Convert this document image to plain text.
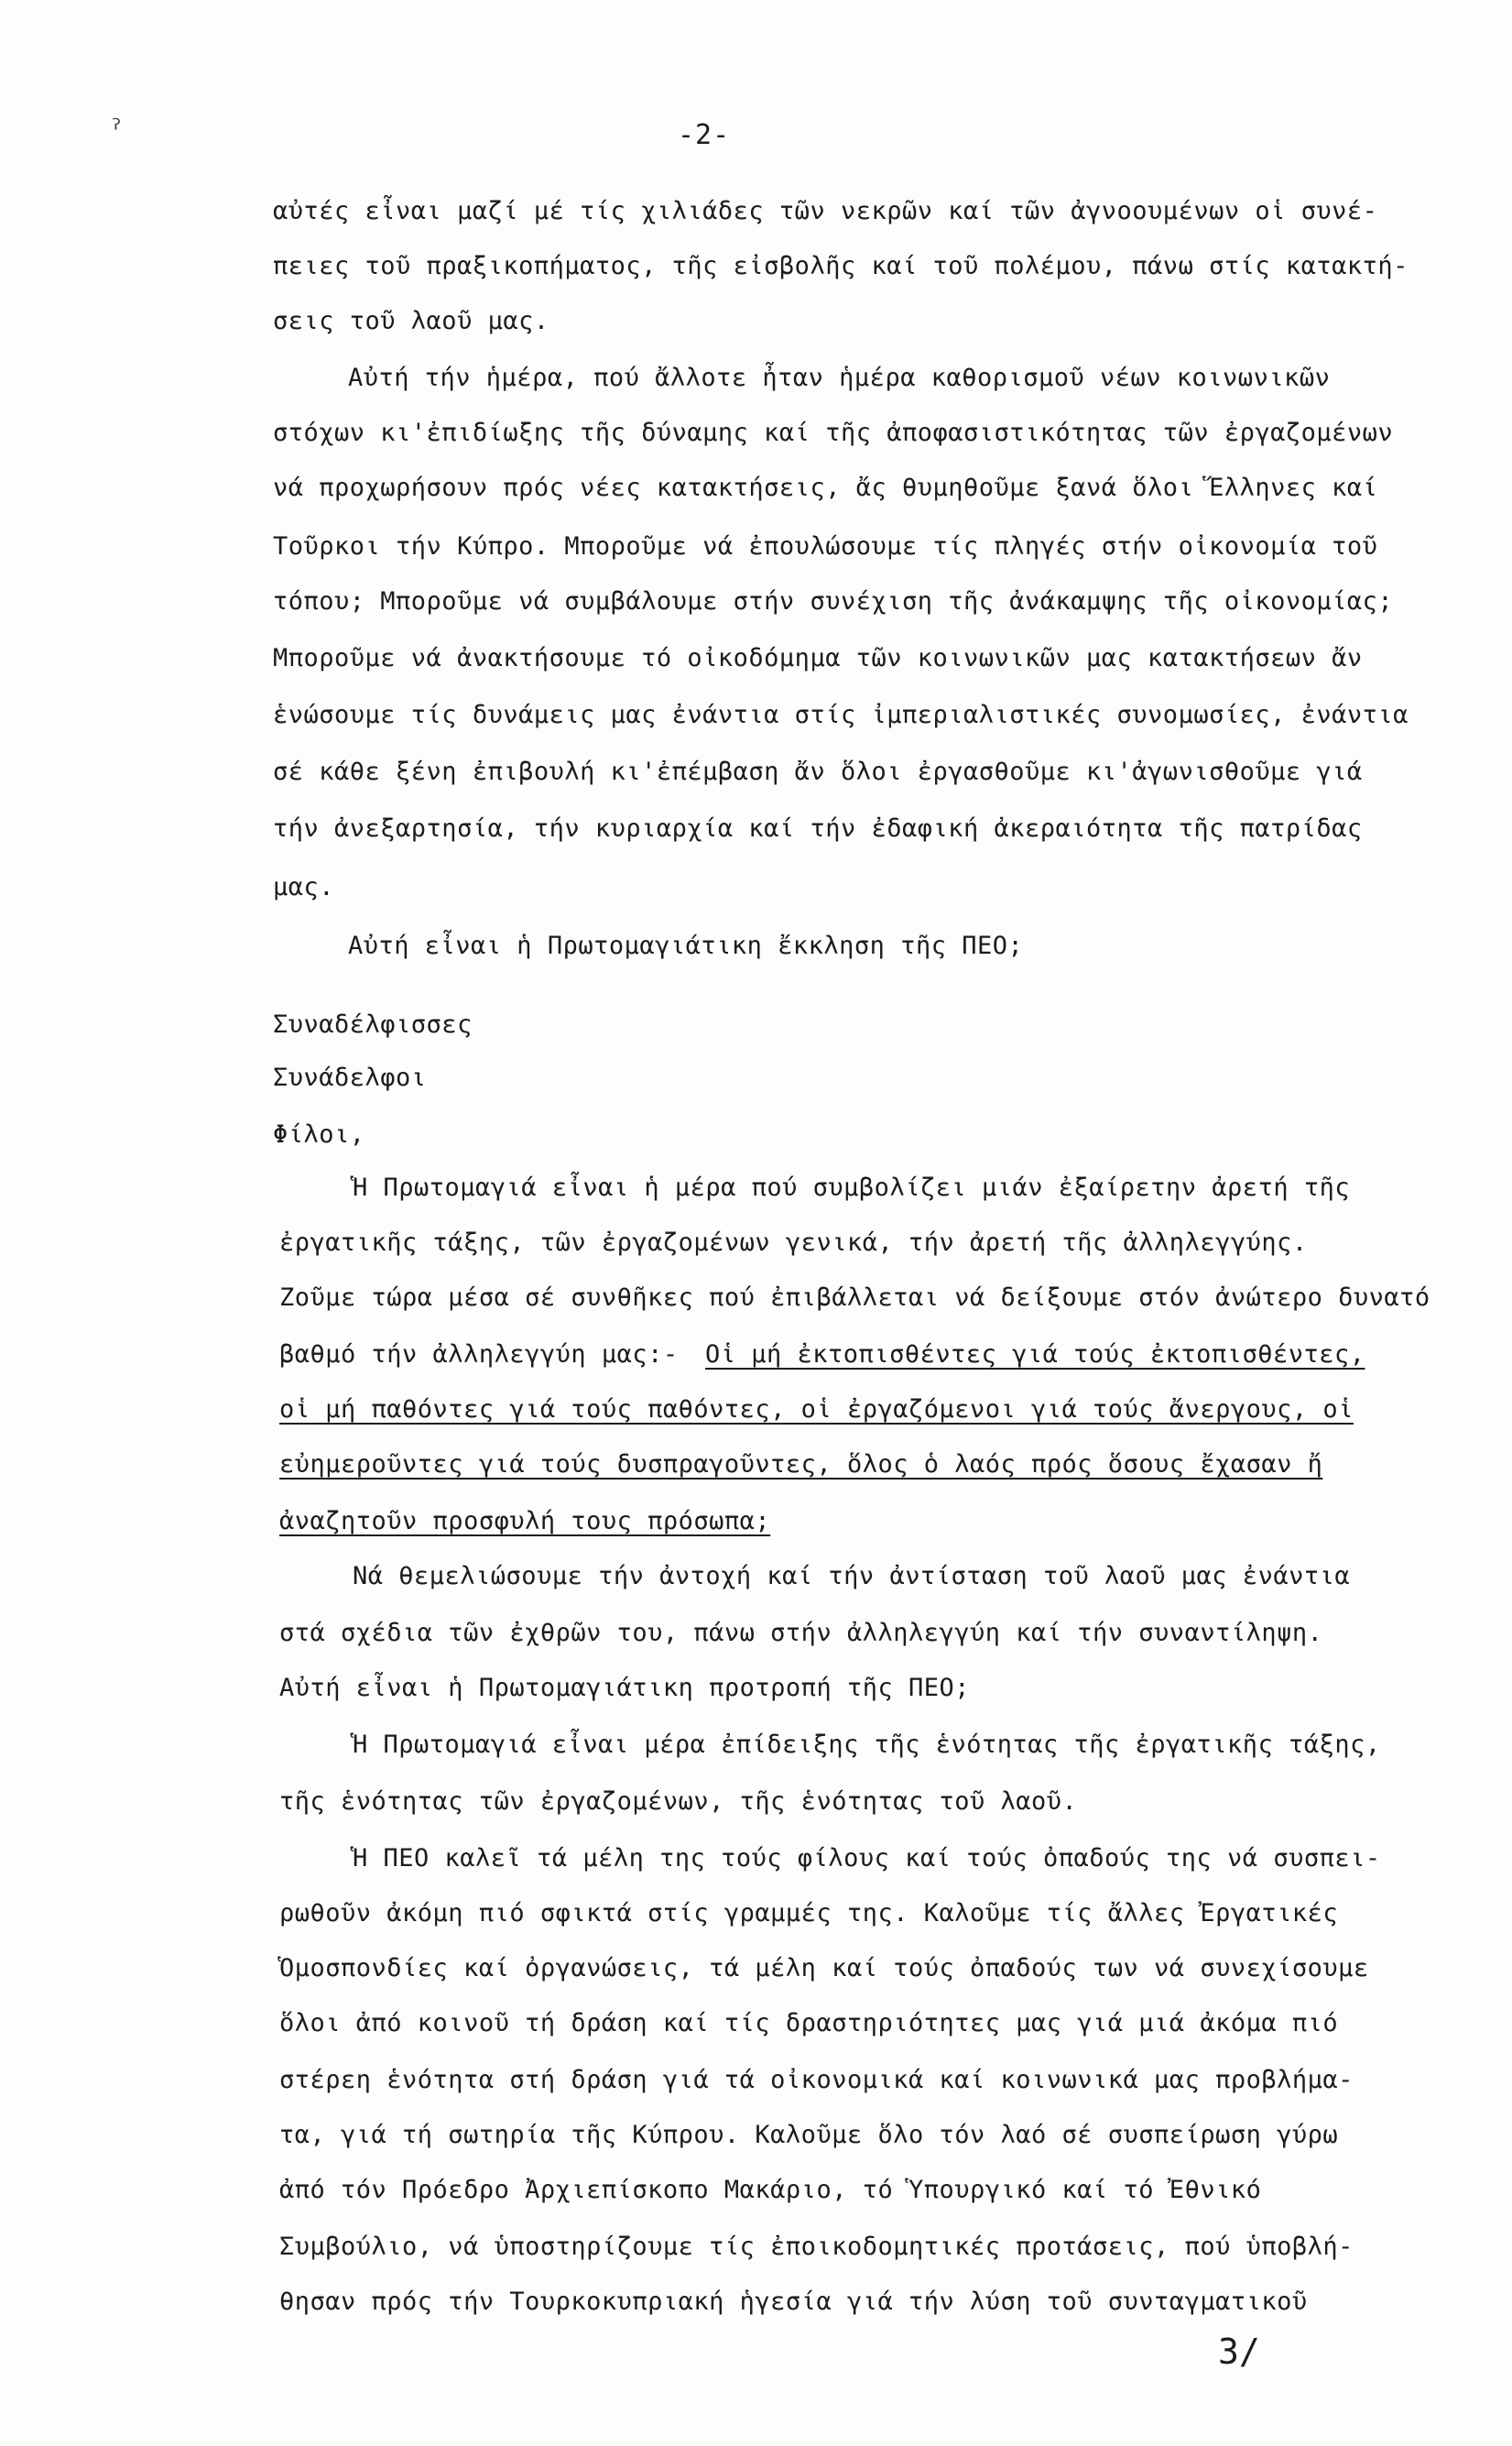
ˀ	-2-
αὐτές εἶναι μαζί μέ τίς χιλιάδες τῶν νεκρῶν καί τῶν ἀγνοουμένων οἱ συνέ-
πειες τοῦ πραξικοπήματος, τῆς εἰσβολῆς καί τοῦ πολέμου, πάνω στίς κατακτή-
σεις τοῦ λαοῦ μας.
Αὐτή τήν ἡμέρα, πού ἄλλοτε ἦταν ἡμέρα καθορισμοῦ νέων κοινωνικῶν
στόχων κι'ἐπιδίωξης τῆς δύναμης καί τῆς ἀποφασιστικότητας τῶν ἐργαζομένων
νά προχωρήσουν πρός νέες κατακτήσεις, ἄς θυμηθοῦμε ξανά ὅλοι Ἕλληνες καί
Τοῦρκοι τήν Κύπρο. Μποροῦμε νά ἐπουλώσουμε τίς πληγές στήν οἰκονομία τοῦ
τόπου; Μποροῦμε νά συμβάλουμε στήν συνέχιση τῆς ἀνάκαμψης τῆς οἰκονομίας;
Μποροῦμε νά ἀνακτήσουμε τό οἰκοδόμημα τῶν κοινωνικῶν μας κατακτήσεων ἄν
ἑνώσουμε τίς δυνάμεις μας ἐνάντια στίς ἰμπεριαλιστικές συνομωσίες, ἐνάντια
σέ κάθε ξένη ἐπιβουλή κι'ἐπέμβαση ἄν ὅλοι ἐργασθοῦμε κι'ἀγωνισθοῦμε γιά
τήν ἀνεξαρτησία, τήν κυριαρχία καί τήν ἐδαφική ἀκεραιότητα τῆς πατρίδας
μας.
Αὐτή εἶναι ἡ Πρωτομαγιάτικη ἔκκληση τῆς ΠΕΟ;
Συναδέλφισσες
Συνάδελφοι
Φίλοι,
Ἡ Πρωτομαγιά εἶναι ἡ μέρα πού συμβολίζει μιάν ἐξαίρετην ἀρετή τῆς
ἐργατικῆς τάξης, τῶν ἐργαζομένων γενικά, τήν ἀρετή τῆς ἀλληλεγγύης.
Ζοῦμε τώρα μέσα σέ συνθῆκες πού ἐπιβάλλεται νά δείξουμε στόν ἀνώτερο δυνατό
βαθμό τήν ἀλληλεγγύη μας:- Οἱ μή ἐκτοπισθέντες γιά τούς ἐκτοπισθέντες,
οἱ μή παθόντες γιά τούς παθόντες, οἱ ἐργαζόμενοι γιά τούς ἄνεργους, οἱ
εὐημεροῦντες γιά τούς δυσπραγοῦντες, ὅλος ὁ λαός πρός ὅσους ἔχασαν ἤ
ἀναζητοῦν προσφυλή τους πρόσωπα;
Νά θεμελιώσουμε τήν ἀντοχή καί τήν ἀντίσταση τοῦ λαοῦ μας ἐνάντια
στά σχέδια τῶν ἐχθρῶν του, πάνω στήν ἀλληλεγγύη καί τήν συναντίληψη.
Αὐτή εἶναι ἡ Πρωτομαγιάτικη προτροπή τῆς ΠΕΟ;
Ἡ Πρωτομαγιά εἶναι μέρα ἐπίδειξης τῆς ἑνότητας τῆς ἐργατικῆς τάξης,
τῆς ἑνότητας τῶν ἐργαζομένων, τῆς ἑνότητας τοῦ λαοῦ.
Ἡ ΠΕΟ καλεῖ τά μέλη της τούς φίλους καί τούς ὀπαδούς της νά συσπει-
ρωθοῦν ἀκόμη πιό σφικτά στίς γραμμές της. Καλοῦμε τίς ἄλλες Ἐργατικές
Ὁμοσπονδίες καί ὀργανώσεις, τά μέλη καί τούς ὀπαδούς των νά συνεχίσουμε
ὅλοι ἀπό κοινοῦ τή δράση καί τίς δραστηριότητες μας γιά μιά ἀκόμα πιό
στέρεη ἑνότητα στή δράση γιά τά οἰκονομικά καί κοινωνικά μας προβλήμα-
τα, γιά τή σωτηρία τῆς Κύπρου. Καλοῦμε ὅλο τόν λαό σέ συσπείρωση γύρω
ἀπό τόν Πρόεδρο Ἀρχιεπίσκοπο Μακάριο, τό Ὑπουργικό καί τό Ἐθνικό
Συμβούλιο, νά ὑποστηρίζουμε τίς ἐποικοδομητικές προτάσεις, πού ὑποβλή-
θησαν πρός τήν Τουρκοκυπριακή ἡγεσία γιά τήν λύση τοῦ συνταγματικοῦ
3/
